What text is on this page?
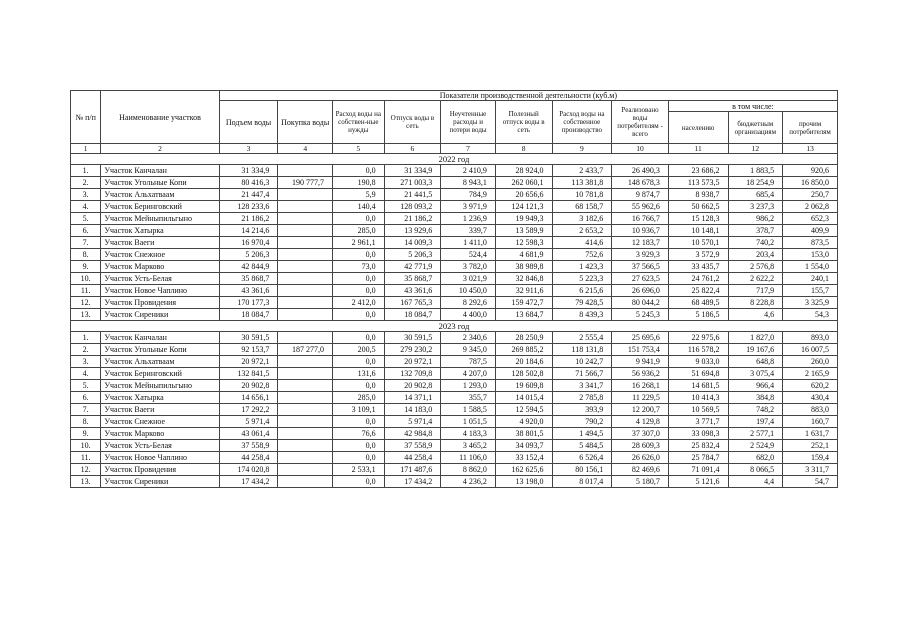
№ п/п	Наименование участков	Показатели производственной деятельности (куб.м)										
		Подъем воды	Покупка воды	Расход воды на собствен-ные нужды	Отпуск воды в сеть	Неучтенные расходы и потери воды	Полезный отпуск воды в сеть	Расход воды на собственное производство	Реализовано воды потребителям - всего	в том числе:		
										населению	бюджетным организациям	прочим потребителям
1	2	3	4	5	6	7	8	9	10	11	12	13
2022 год												
1.	Участок Канчалан	31 334,9		0,0	31 334,9	2 410,9	28 924,0	2 433,7	26 490,3	23 686,2	1 883,5	920,6
2.	Участок Угольные Копи	80 416,3	190 777,7	190,8	271 003,3	8 943,1	262 060,1	113 381,8	148 678,3	113 573,5	18 254,9	16 850,0
3.	Участок Альхатваам	21 447,4		5,9	21 441,5	784,9	20 656,6	10 781,8	9 874,7	8 938,7	685,4	250,7
4.	Участок Беринговский	128 233,6		140,4	128 093,2	3 971,9	124 121,3	68 158,7	55 962,6	50 662,5	3 237,3	2 062,8
5.	Участок Мейныпильгыно	21 186,2		0,0	21 186,2	1 236,9	19 949,3	3 182,6	16 766,7	15 128,3	986,2	652,3
6.	Участок Хатырка	14 214,6		285,0	13 929,6	339,7	13 589,9	2 653,2	10 936,7	10 148,1	378,7	409,9
7.	Участок Ваеги	16 970,4		2 961,1	14 009,3	1 411,0	12 598,3	414,6	12 183,7	10 570,1	740,2	873,5
8.	Участок Снежное	5 206,3		0,0	5 206,3	524,4	4 681,9	752,6	3 929,3	3 572,9	203,4	153,0
9.	Участок Марково	42 844,9		73,0	42 771,9	3 782,0	38 989,8	1 423,3	37 566,5	33 435,7	2 576,8	1 554,0
10.	Участок Усть-Белая	35 868,7		0,0	35 868,7	3 021,9	32 846,8	5 223,3	27 623,5	24 761,2	2 622,2	240,1
11.	Участок Новое Чаплино	43 361,6		0,0	43 361,6	10 450,0	32 911,6	6 215,6	26 696,0	25 822,4	717,9	155,7
12.	Участок Провидения	170 177,3		2 412,0	167 765,3	8 292,6	159 472,7	79 428,5	80 044,2	68 489,5	8 228,8	3 325,9
13.	Участок Сиреники	18 084,7		0,0	18 084,7	4 400,0	13 684,7	8 439,3	5 245,3	5 186,5	4,6	54,3
2023 год												
1.	Участок Канчалан	30 591,5		0,0	30 591,5	2 340,6	28 250,9	2 555,4	25 695,6	22 975,6	1 827,0	893,0
2.	Участок Угольные Копи	92 153,7	187 277,0	200,5	279 230,2	9 345,0	269 885,2	118 131,8	151 753,4	116 578,2	19 167,6	16 007,5
3.	Участок Альхатваам	20 972,1		0,0	20 972,1	787,5	20 184,6	10 242,7	9 941,9	9 033,0	648,8	260,0
4.	Участок Беринговский	132 841,5		131,6	132 709,8	4 207,0	128 502,8	71 566,7	56 936,2	51 694,8	3 075,4	2 165,9
5.	Участок Мейныпильгыно	20 902,8		0,0	20 902,8	1 293,0	19 609,8	3 341,7	16 268,1	14 681,5	966,4	620,2
6.	Участок Хатырка	14 656,1		285,0	14 371,1	355,7	14 015,4	2 785,8	11 229,5	10 414,3	384,8	430,4
7.	Участок Ваеги	17 292,2		3 109,1	14 183,0	1 588,5	12 594,5	393,9	12 200,7	10 569,5	748,2	883,0
8.	Участок Снежное	5 971,4		0,0	5 971,4	1 051,5	4 920,0	790,2	4 129,8	3 771,7	197,4	160,7
9.	Участок Марково	43 061,4		76,6	42 984,8	4 183,3	38 801,5	1 494,5	37 307,0	33 098,3	2 577,1	1 631,7
10.	Участок Усть-Белая	37 558,9		0,0	37 558,9	3 465,2	34 093,7	5 484,5	28 609,3	25 832,4	2 524,9	252,1
11.	Участок Новое Чаплино	44 258,4		0,0	44 258,4	11 106,0	33 152,4	6 526,4	26 626,0	25 784,7	682,0	159,4
12.	Участок Провидения	174 020,8		2 533,1	171 487,6	8 862,0	162 625,6	80 156,1	82 469,6	71 091,4	8 066,5	3 311,7
13.	Участок Сиреники	17 434,2		0,0	17 434,2	4 236,2	13 198,0	8 017,4	5 180,7	5 121,6	4,4	54,7
